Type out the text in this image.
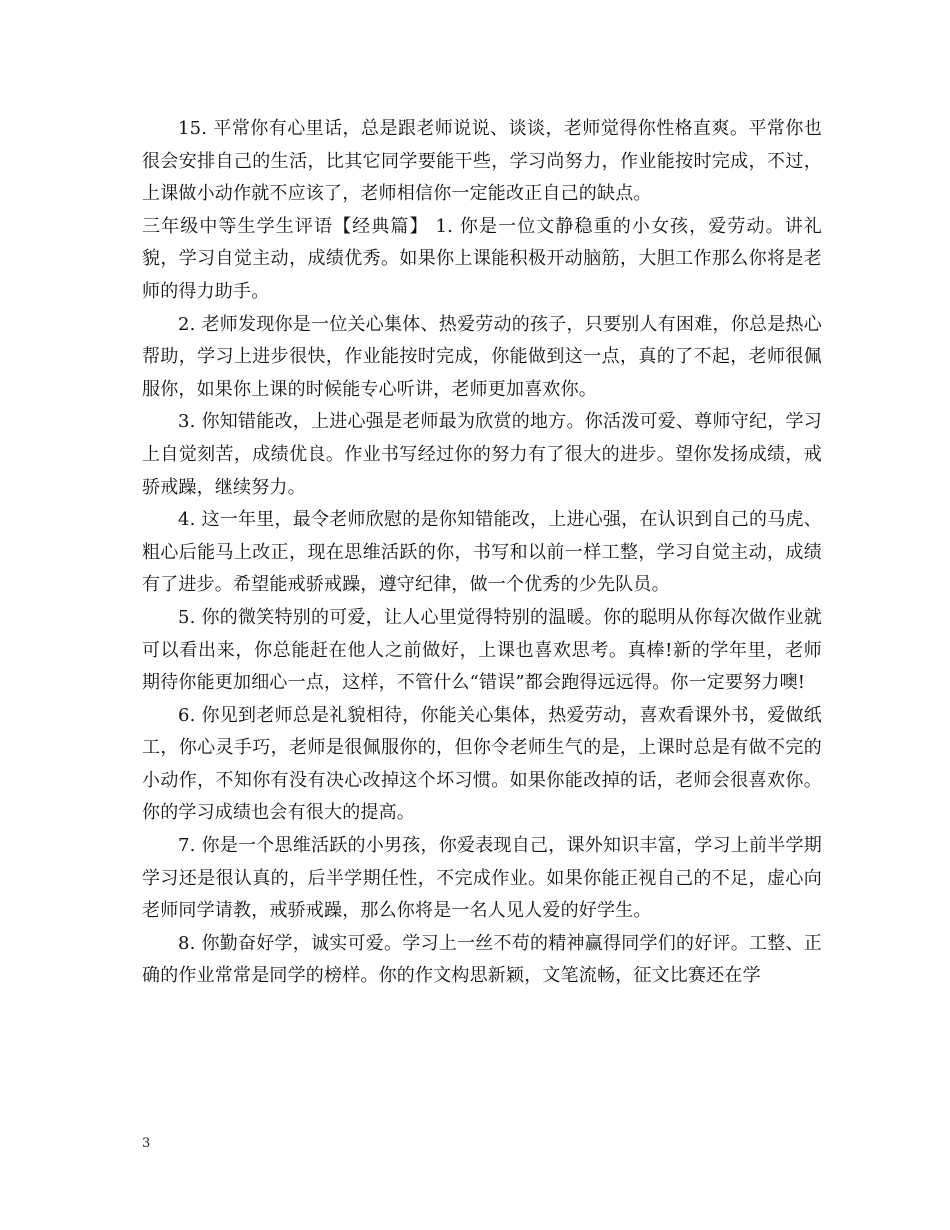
15. 平常你有心里话，总是跟老师说说、谈谈，老师觉得你性格直爽。平常你也很会安排自己的生活，比其它同学要能干些，学习尚努力，作业能按时完成，不过，上课做小动作就不应该了，老师相信你一定能改正自己的缺点。

三年级中等生学生评语【经典篇】 1. 你是一位文静稳重的小女孩，爱劳动。讲礼貌，学习自觉主动，成绩优秀。如果你上课能积极开动脑筋，大胆工作那么你将是老师的得力助手。

2. 老师发现你是一位关心集体、热爱劳动的孩子，只要别人有困难，你总是热心帮助，学习上进步很快，作业能按时完成，你能做到这一点，真的了不起，老师很佩服你，如果你上课的时候能专心听讲，老师更加喜欢你。

3. 你知错能改，上进心强是老师最为欣赏的地方。你活泼可爱、尊师守纪，学习上自觉刻苦，成绩优良。作业书写经过你的努力有了很大的进步。望你发扬成绩，戒骄戒躁，继续努力。

4. 这一年里，最令老师欣慰的是你知错能改，上进心强，在认识到自己的马虎、粗心后能马上改正，现在思维活跃的你，书写和以前一样工整，学习自觉主动，成绩有了进步。希望能戒骄戒躁，遵守纪律，做一个优秀的少先队员。

5. 你的微笑特别的可爱，让人心里觉得特别的温暖。你的聪明从你每次做作业就可以看出来，你总能赶在他人之前做好，上课也喜欢思考。真棒!新的学年里，老师期待你能更加细心一点，这样，不管什么“错误”都会跑得远远得。你一定要努力噢!

6. 你见到老师总是礼貌相待，你能关心集体，热爱劳动，喜欢看课外书，爱做纸工，你心灵手巧，老师是很佩服你的，但你令老师生气的是，上课时总是有做不完的小动作，不知你有没有决心改掉这个坏习惯。如果你能改掉的话，老师会很喜欢你。你的学习成绩也会有很大的提高。

7. 你是一个思维活跃的小男孩，你爱表现自己，课外知识丰富，学习上前半学期学习还是很认真的，后半学期任性，不完成作业。如果你能正视自己的不足，虚心向老师同学请教，戒骄戒躁，那么你将是一名人见人爱的好学生。

8. 你勤奋好学，诚实可爱。学习上一丝不苟的精神赢得同学们的好评。工整、正确的作业常常是同学的榜样。你的作文构思新颖，文笔流畅，征文比赛还在学

3
